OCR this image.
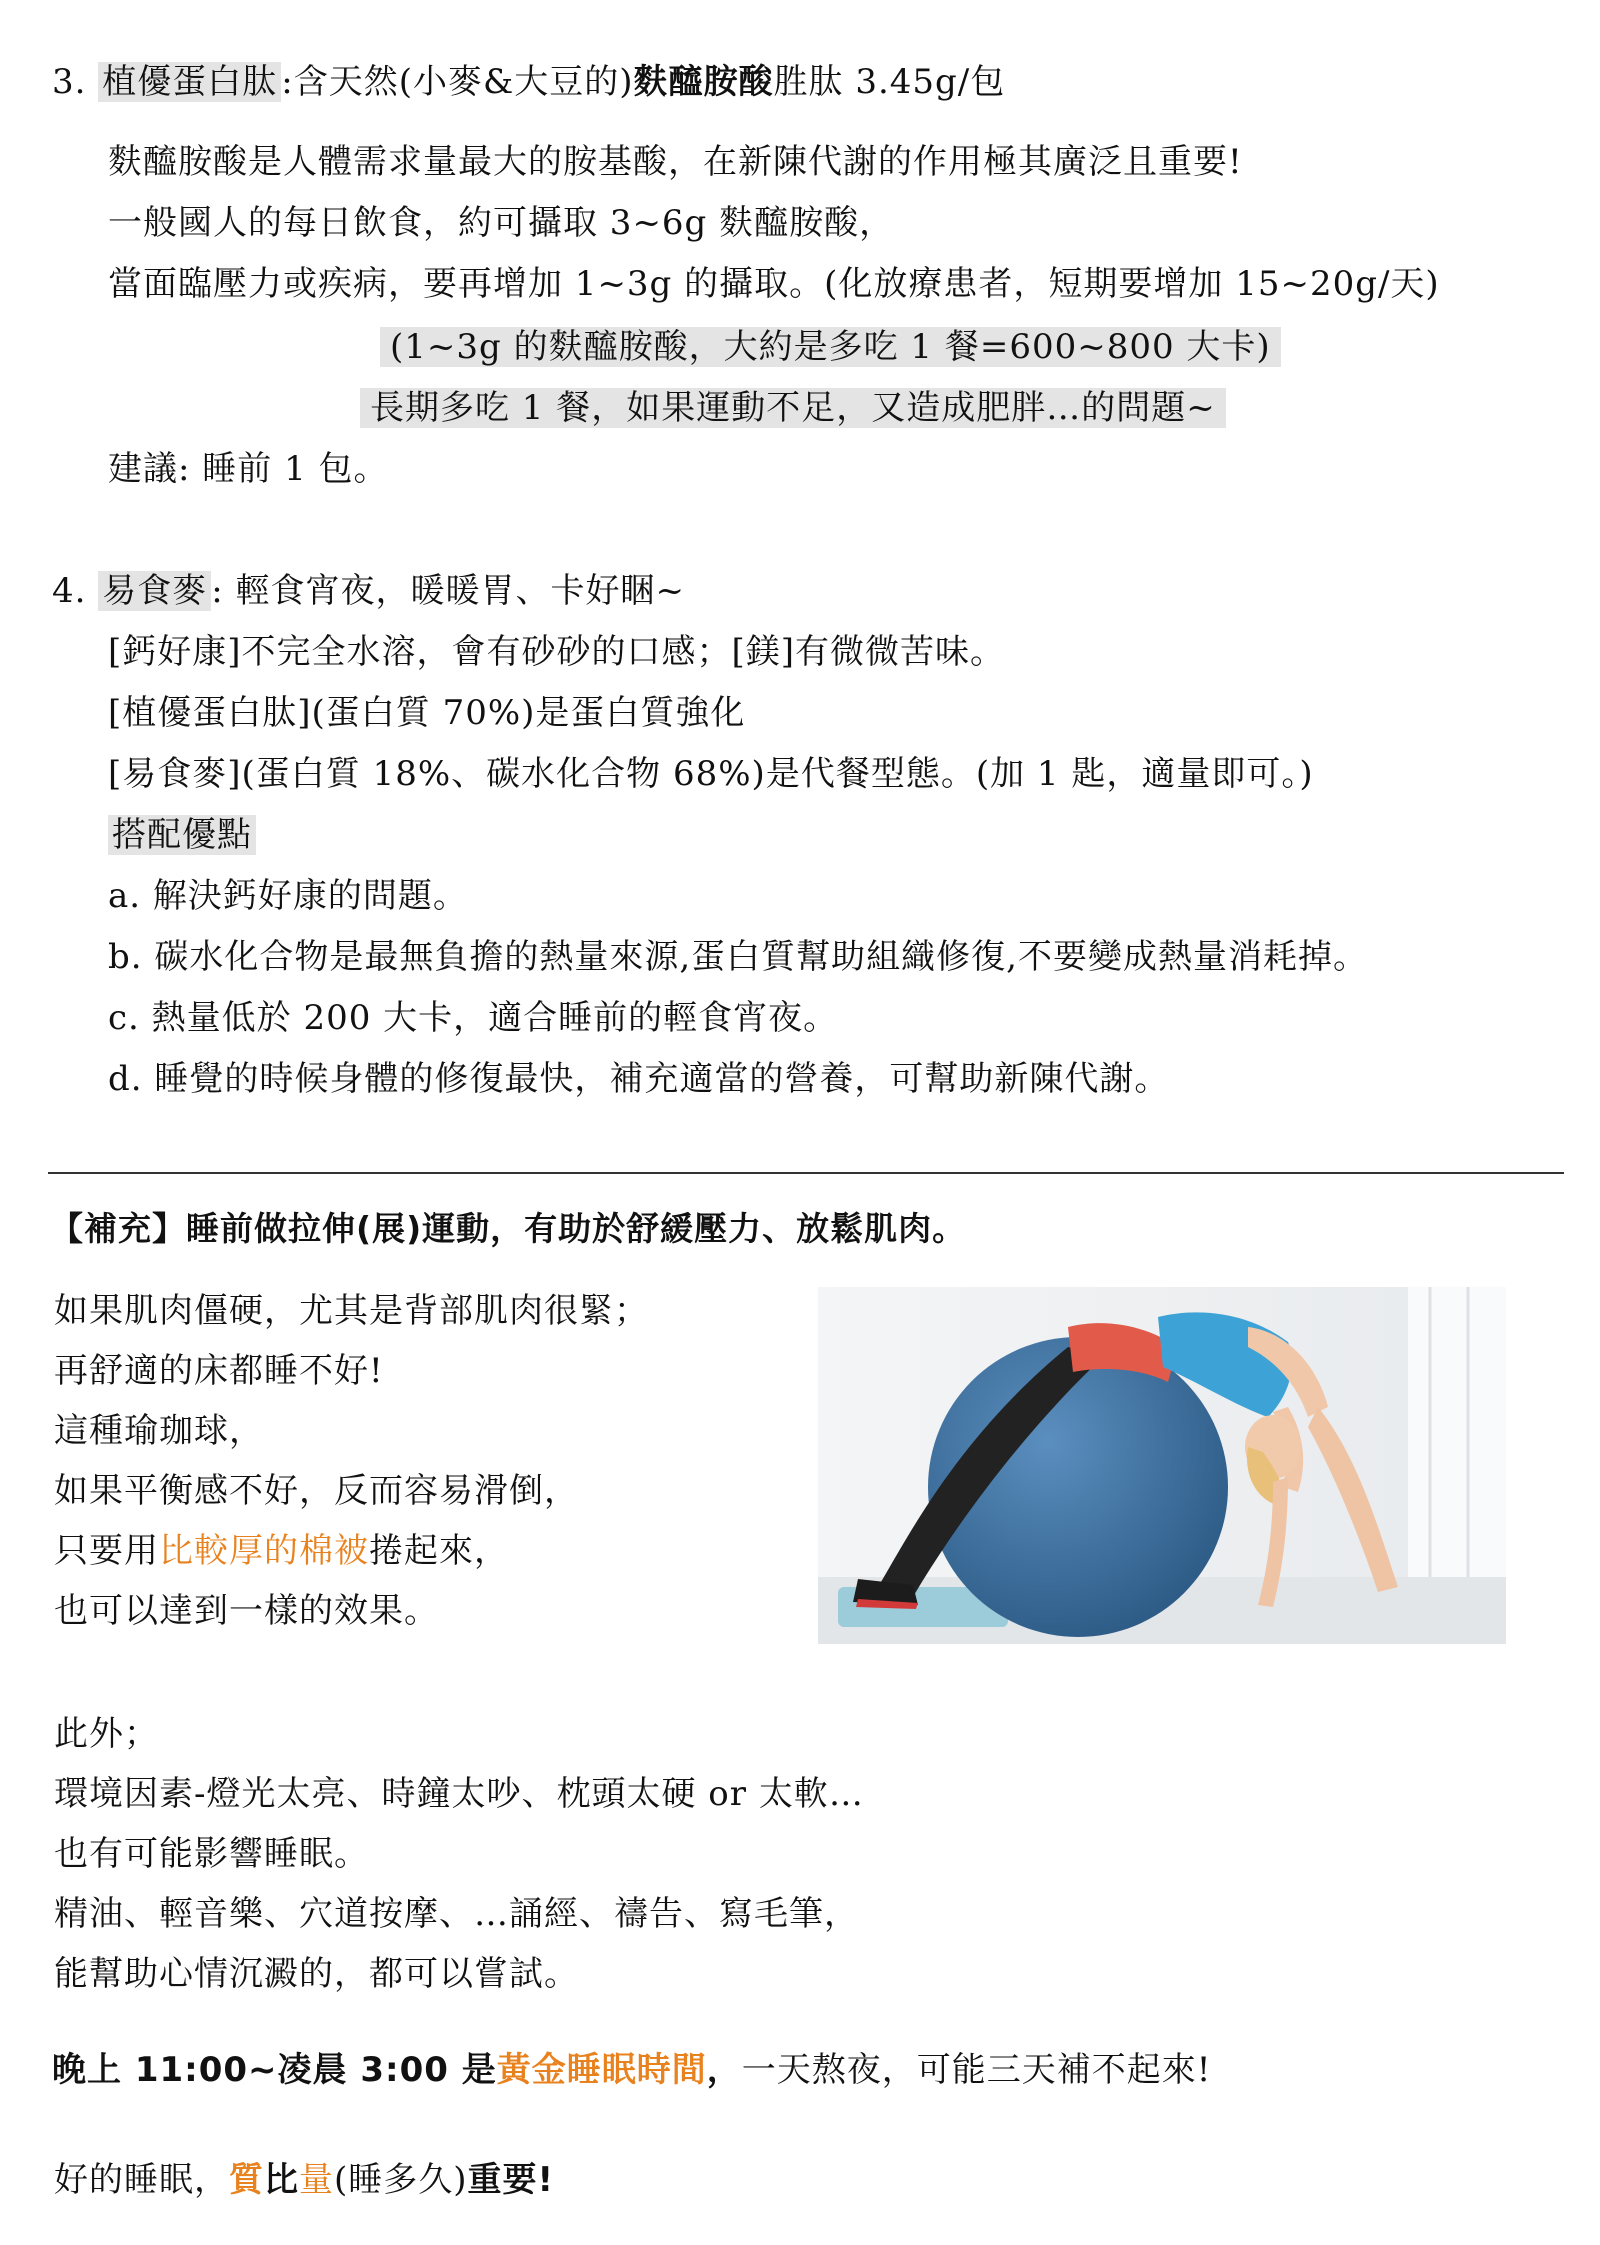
3. 植優蛋白肽 :含天然(小麥&大豆的)麩醯胺酸胜肽 3.45g/包
麩醯胺酸是人體需求量最大的胺基酸，在新陳代謝的作用極其廣泛且重要!
一般國人的每日飲食，約可攝取 3~6g 麩醯胺酸，
當面臨壓力或疾病，要再增加 1~3g 的攝取。(化放療患者，短期要增加 15~20g/天)
(1~3g 的麩醯胺酸，大約是多吃 1 餐=600~800 大卡)
長期多吃 1 餐，如果運動不足，又造成肥胖…的問題~
建議: 睡前 1 包。
4. 易食麥 : 輕食宵夜，暖暖胃、卡好睏~
[鈣好康]不完全水溶，會有砂砂的口感；[鎂]有微微苦味。
[植優蛋白肽](蛋白質 70%)是蛋白質強化
[易食麥](蛋白質 18%、碳水化合物 68%)是代餐型態。(加 1 匙，適量即可。)
搭配優點
a. 解決鈣好康的問題。
b. 碳水化合物是最無負擔的熱量來源,蛋白質幫助組織修復,不要變成熱量消耗掉。
c. 熱量低於 200 大卡，適合睡前的輕食宵夜。
d. 睡覺的時候身體的修復最快，補充適當的營養，可幫助新陳代謝。
【補充】睡前做拉伸(展)運動，有助於舒緩壓力、放鬆肌肉。
如果肌肉僵硬，尤其是背部肌肉很緊；
再舒適的床都睡不好!
這種瑜珈球，
如果平衡感不好，反而容易滑倒，
只要用比較厚的棉被捲起來，
也可以達到一樣的效果。
此外；
環境因素-燈光太亮、時鐘太吵、枕頭太硬 or 太軟…
也有可能影響睡眠。
精油、輕音樂、穴道按摩、…誦經、禱告、寫毛筆，
能幫助心情沉澱的，都可以嘗試。
晚上 11:00~凌晨 3:00 是黃金睡眠時間，一天熬夜，可能三天補不起來!
好的睡眠，質比量(睡多久)重要!
